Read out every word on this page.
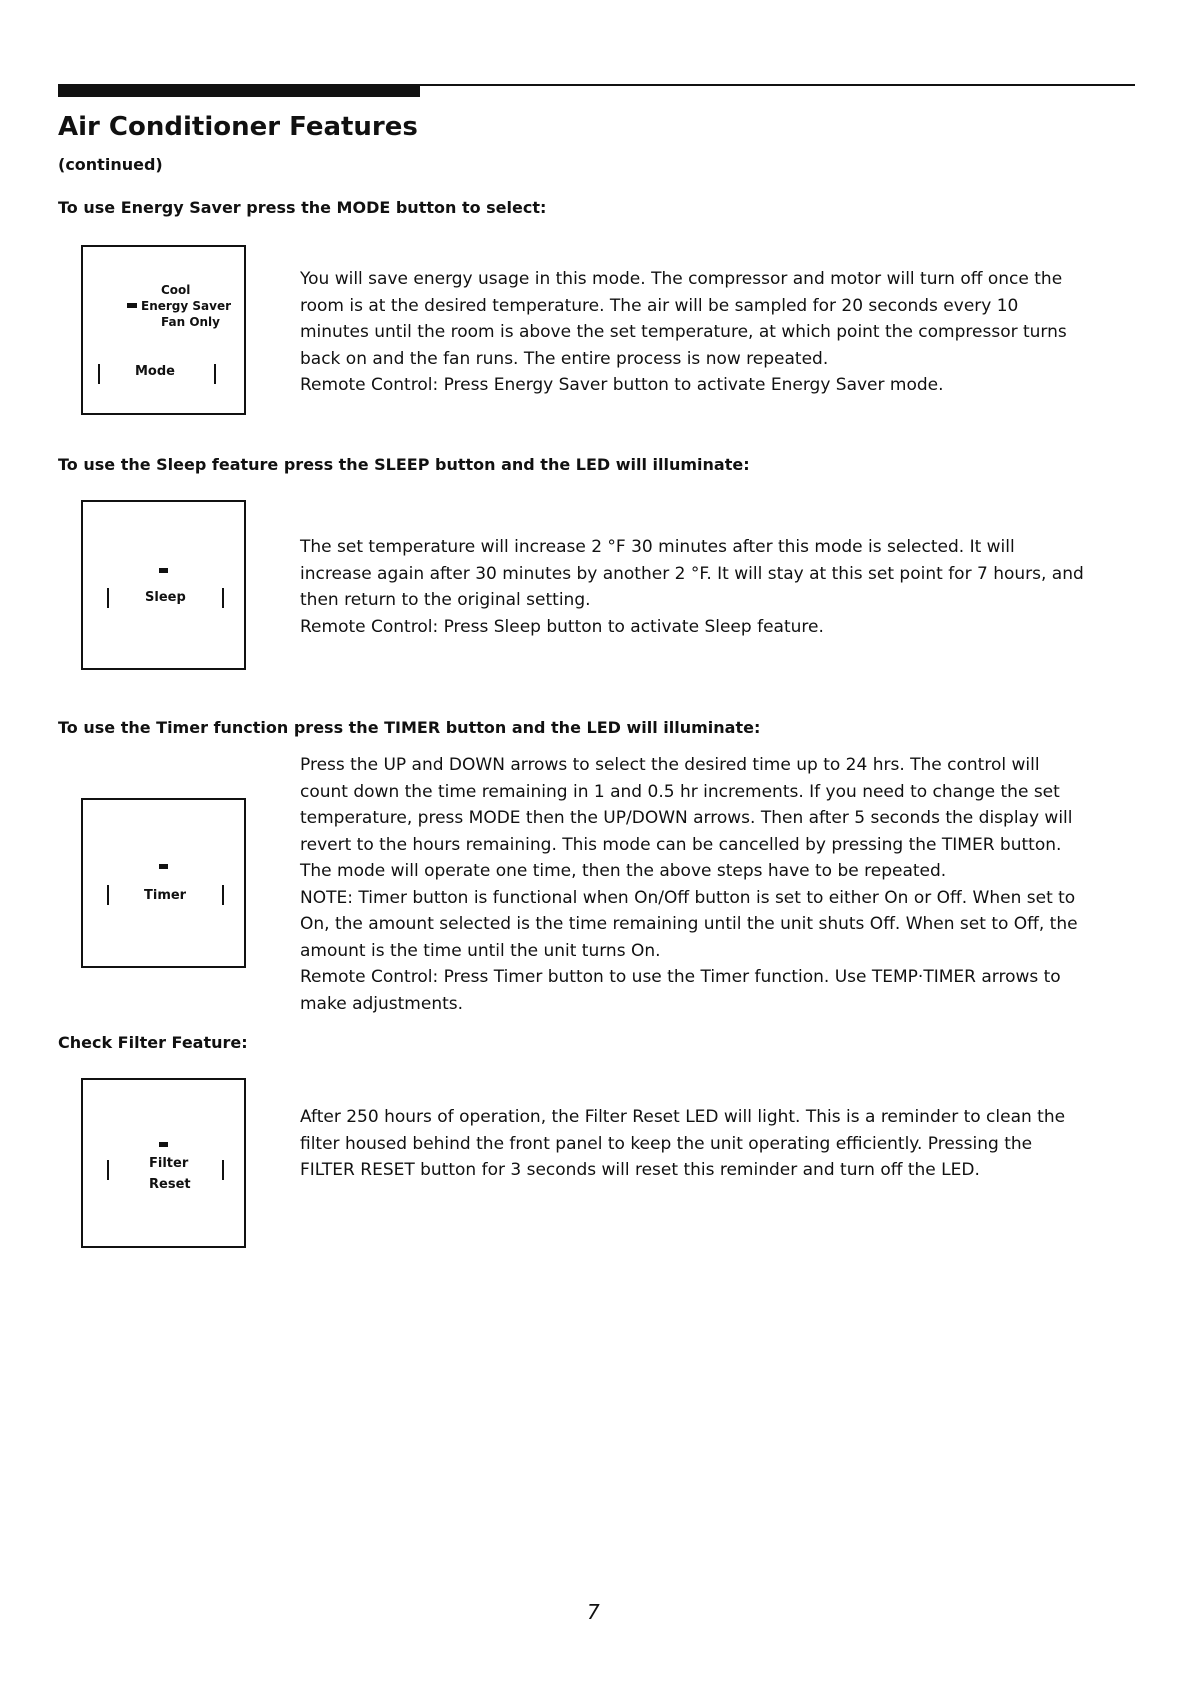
Air Conditioner Features
(continued)
To use Energy Saver press the MODE button to select:
Cool
Energy Saver
Fan Only
Mode

You will save energy usage in this mode. The compressor and motor will turn off once the room is at the desired temperature. The air will be sampled for 20 seconds every 10 minutes until the room is above the set temperature, at which point the compressor turns back on and the fan runs. The entire process is now repeated.

Remote Control: Press Energy Saver button to activate Energy Saver mode.

To use the Sleep feature press the SLEEP button and the LED will illuminate:
Sleep

The set temperature will increase 2 °F 30 minutes after this mode is selected. It will increase again after 30 minutes by another 2 °F. It will stay at this set point for 7 hours, and then return to the original setting.

Remote Control: Press Sleep button to activate Sleep feature.

To use the Timer function press the TIMER button and the LED will illuminate:
Timer

Press the UP and DOWN arrows to select the desired time up to 24 hrs. The control will count down the time remaining in 1 and 0.5 hr increments. If you need to change the set temperature, press MODE then the UP/DOWN arrows. Then after 5 seconds the display will revert to the hours remaining. This mode can be cancelled by pressing the TIMER button. The mode will operate one time, then the above steps have to be repeated.

NOTE: Timer button is functional when On/Off button is set to either On or Off. When set to On, the amount selected is the time remaining until the unit shuts Off. When set to Off, the amount is the time until the unit turns On.

Remote Control: Press Timer button to use the Timer function. Use TEMP·TIMER arrows to make adjustments.

Check Filter Feature:
Filter
Reset

After 250 hours of operation, the Filter Reset LED will light. This is a reminder to clean the filter housed behind the front panel to keep the unit operating efficiently. Pressing the FILTER RESET button for 3 seconds will reset this reminder and turn off the LED.

7
